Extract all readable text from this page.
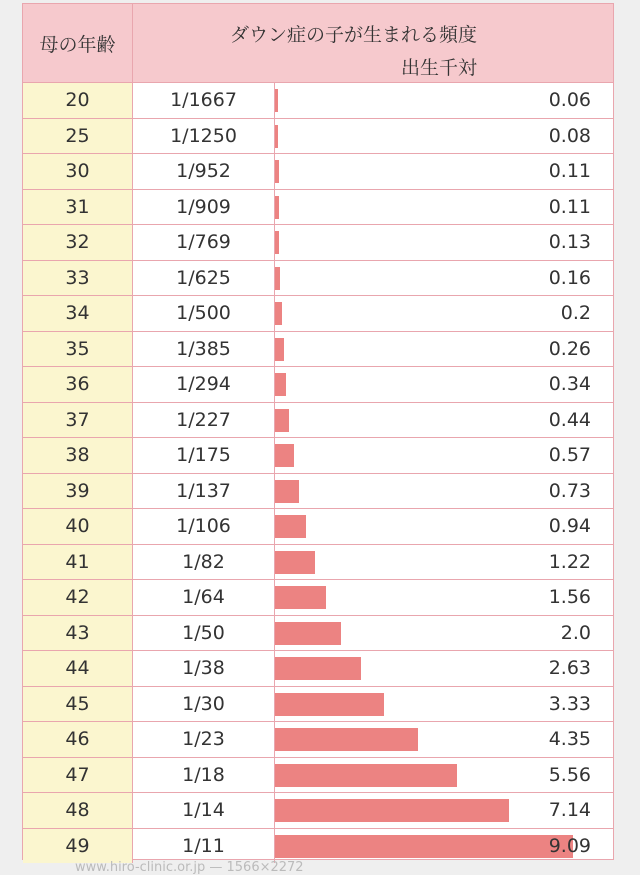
母の年齢	ダウン症の子が生まれる頻度
出生千対
20	1/1667	0.06
25	1/1250	0.08
30	1/952	0.11
31	1/909	0.11
32	1/769	0.13
33	1/625	0.16
34	1/500	0.2
35	1/385	0.26
36	1/294	0.34
37	1/227	0.44
38	1/175	0.57
39	1/137	0.73
40	1/106	0.94
41	1/82	1.22
42	1/64	1.56
43	1/50	2.0
44	1/38	2.63
45	1/30	3.33
46	1/23	4.35
47	1/18	5.56
48	1/14	7.14
49	1/11	9.09
www.hiro-clinic.or.jp — 1566×2272
